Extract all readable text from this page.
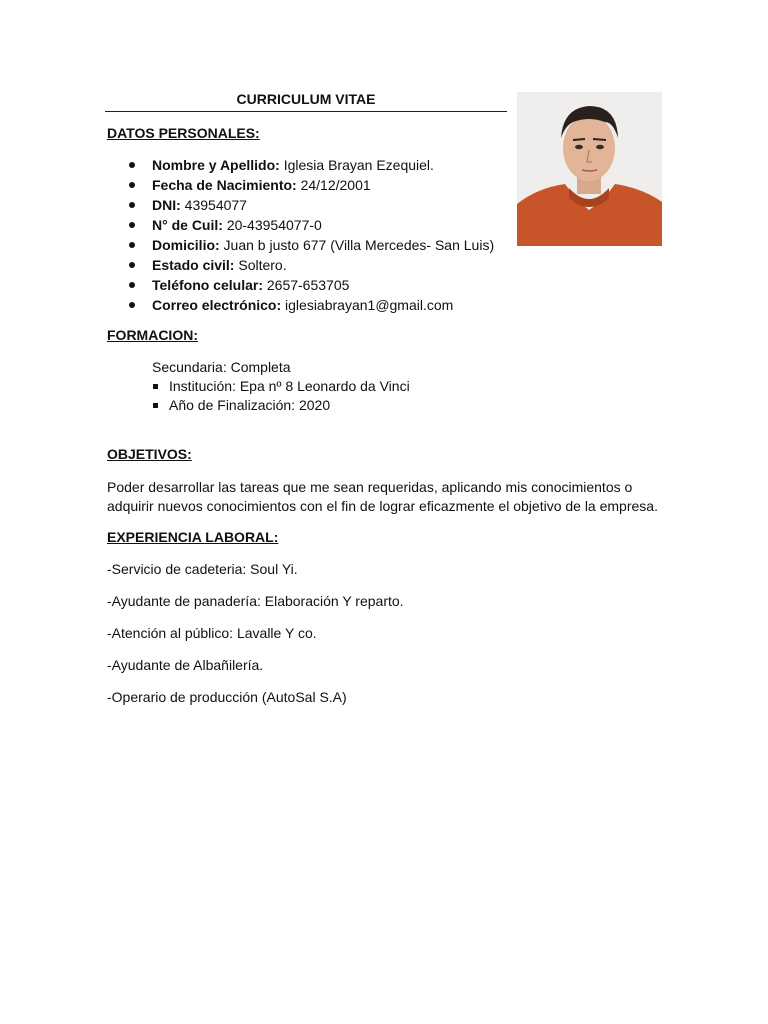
CURRICULUM VITAE
DATOS PERSONALES:
Nombre y Apellido: Iglesia Brayan Ezequiel.
Fecha de Nacimiento: 24/12/2001
DNI: 43954077
N° de Cuil: 20-43954077-0
Domicilio: Juan b justo 677 (Villa Mercedes- San Luis)
Estado civil: Soltero.
Teléfono celular: 2657-653705
Correo electrónico: iglesiabrayan1@gmail.com
FORMACION:
Secundaria: Completa
Institución: Epa nº 8 Leonardo da Vinci
Año de Finalización: 2020
OBJETIVOS:
Poder desarrollar las tareas que me sean requeridas, aplicando mis conocimientos o
adquirir nuevos conocimientos con el fin de lograr eficazmente el objetivo de la empresa.
EXPERIENCIA LABORAL:
-Servicio de cadeteria: Soul Yi.
-Ayudante de panadería: Elaboración Y reparto.
-Atención al público: Lavalle Y co.
-Ayudante de Albañilería.
-Operario de producción (AutoSal S.A)
